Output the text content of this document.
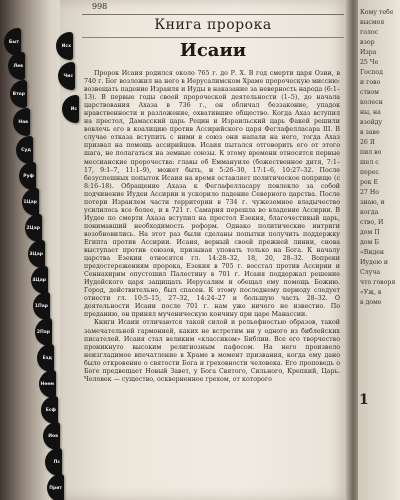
Кому тебе
высмея
голос
взор
Изра
25 Че
Господ
и гово
ством
колесн
ны, на
взойду
в заве
26 Я
пил во
шел с
перес
рек Е
27 Но
знаю, и
когда
ство, И
дом П
дом Б
«Виден
Иудею и
Случа
что говоря
«Уж, в
в доме
1
Быт
Исх
Лев
Чис
Втор
Ис
Нав
Суд
Руф
1Цар
2Цар
3Цар
4Цар
1Пар
2Пар
Езд
Неем
Есф
Иов
Пс
Прит
998
Книга пророка
Исаии

Пророк Исаия родился около 765 г. до Р. Х. В год смерти царя Озии, в 740 г. Бог возложил на него в Иерусалимском Храме пророческую миссию: возвещать падение Израиля и Иуды в наказание за неверность народа (6:1–13). В первые годы своей пророческой деятельности (1–5), до начала царствования Ахаза в 736 г., он обличал беззаконие, упадок нравственности и разложение, охватившие общество. Когда Ахаз вступил на престол, Дамасский царь Рецин и Израильский царь Факей решили вовлечь его в коалицию против Ассирийского царя Феглафелласара III. В случае отказа вступить с ними в союз они напали на него, тогда Ахаз призвал на помощь ассирийцев. Исаия пытался отговорить его от этого шага, не полагаться на земные союзы. К этому времени относятся первые мессианские пророчества: главы об Еммануиле (божественное дитя, 7:1–17, 9:1–7, 11:1–9), может быть, и 5:26–30, 17:1–6, 10:27–32. После безуспешных попыток Исаия на время оставляет политическое поприще (с 8:16–18). Обращение Ахаза к Феглафелласару повлекло за собой подчинение Иудеи Ассирии и ускорило падение Северного царства. После потери Израилем части территории в 734 г. чужеземное владычество усилилось все более, и в 721 г. Самария перешла во владение Ассирии. В Иудее по смерти Ахаза вступил на престол Езекия, благочестивый царь, понимавший необходимость реформ. Однако политические интриги возобновились. На этот раз были сделаны попытки получить поддержку Египта против Ассирии. Исаия, верный своей прежней линии, снова выступает против союзов, призывая уповать только на Бога. К началу царства Езекии относятся гл. 14:28–32, 18, 20, 28–32. Вопреки предостережениям пророка, Езекия в 705 г. восстал против Ассирии и Сеннахирим опустошил Палестину в 701 г. Исаия поддержал решение Иудейского царя защищать Иерусалим и обещал ему помощь Божию. Город, действительно, был спасен. К этому последнему периоду следует отнести гл. 10:5–15, 27–32, 14:24–27 и большую часть 28–32. О деятельности Исаии после 701 г. нам уже ничего не известно. По преданию, он принял мученическую кончину при царе Манассии.

Книги Исаии отличаются такой силой и рельефностью образов, такой замечательной гармонией, каких не встретим ни у одного из библейских писателей. Исаия стал великим «классиком» Библии. Все его творчество проникнуто высоким религиозным пафосом. На него произвело неизгладимое впечатление в Храме в момент призвания, когда ему дано было откровение о святости Бога и греховности человека. Его проповедь о Боге предвещает Новый Завет, у Бога Святого, Сильного, Крепкий, Царь. Человек — существо, оскверненное грехом, от которого
